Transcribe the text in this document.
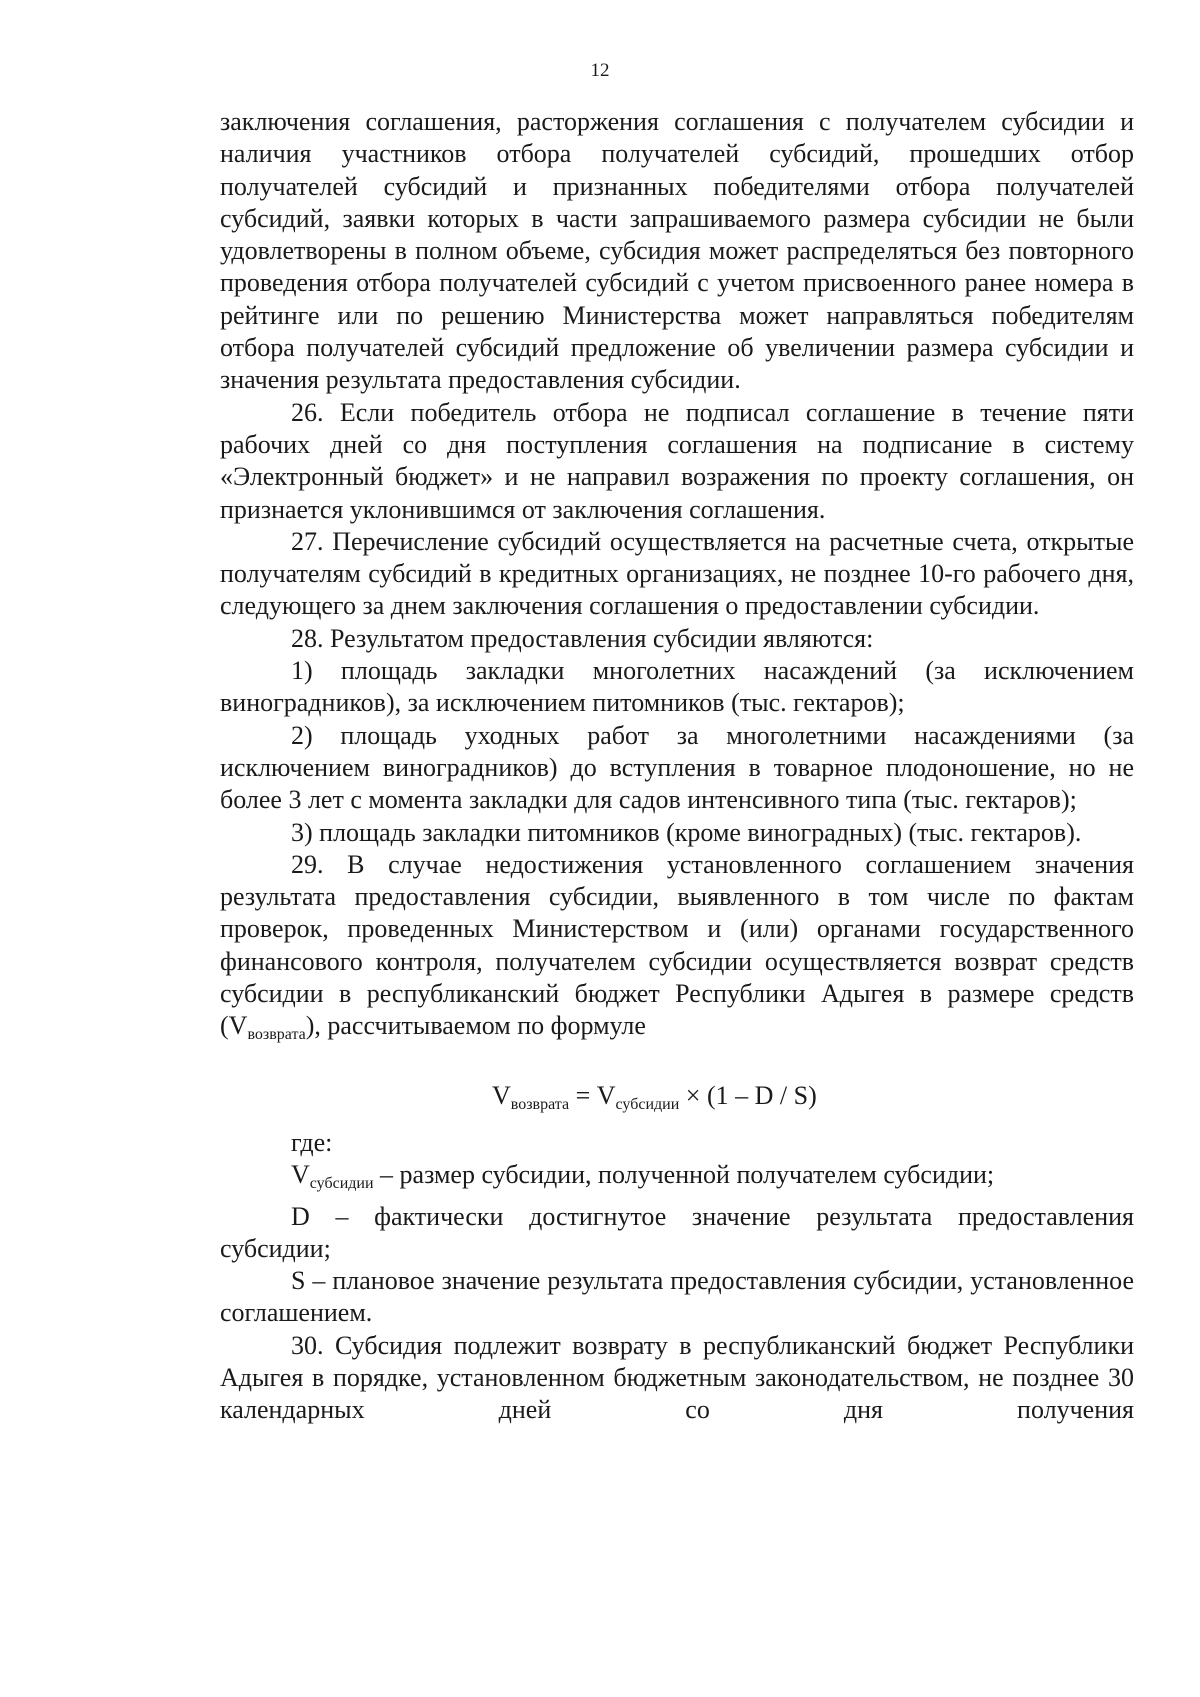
12

заключения соглашения, расторжения соглашения с получателем субсидии и наличия участников отбора получателей субсидий, прошедших отбор получателей субсидий и признанных победителями отбора получателей субсидий, заявки которых в части запрашиваемого размера субсидии не были удовлетворены в полном объеме, субсидия может распределяться без повторного проведения отбора получателей субсидий с учетом присвоенного ранее номера в рейтинге или по решению Министерства может направляться победителям отбора получателей субсидий предложение об увеличении размера субсидии и значения результата предоставления субсидии.

26. Если победитель отбора не подписал соглашение в течение пяти рабочих дней со дня поступления соглашения на подписание в систему «Электронный бюджет» и не направил возражения по проекту соглашения, он признается уклонившимся от заключения соглашения.

27. Перечисление субсидий осуществляется на расчетные счета, открытые получателям субсидий в кредитных организациях, не позднее 10-го рабочего дня, следующего за днем заключения соглашения о предоставлении субсидии.

28. Результатом предоставления субсидии являются:

1) площадь закладки многолетних насаждений (за исключением виноградников), за исключением питомников (тыс. гектаров);

2) площадь уходных работ за многолетними насаждениями (за исключением виноградников) до вступления в товарное плодоношение, но не более 3 лет с момента закладки для садов интенсивного типа (тыс. гектаров);

3) площадь закладки питомников (кроме виноградных) (тыс. гектаров).

29. В случае недостижения установленного соглашением значения результата предоставления субсидии, выявленного в том числе по фактам проверок, проведенных Министерством и (или) органами государственного финансового контроля, получателем субсидии осуществляется возврат средств субсидии в республиканский бюджет Республики Адыгея в размере средств $(V_{возврата})$, рассчитываемом по формуле

$V_{возврата} = V_{субсидии} \times (1 - D / S)$

где:

$V_{субсидии}$ – размер субсидии, полученной получателем субсидии;

D – фактически достигнутое значение результата предоставления субсидии;

S – плановое значение результата предоставления субсидии, установленное соглашением.

30. Субсидия подлежит возврату в республиканский бюджет Республики Адыгея в порядке, установленном бюджетным законодательством, не позднее 30 календарных дней со дня получения
